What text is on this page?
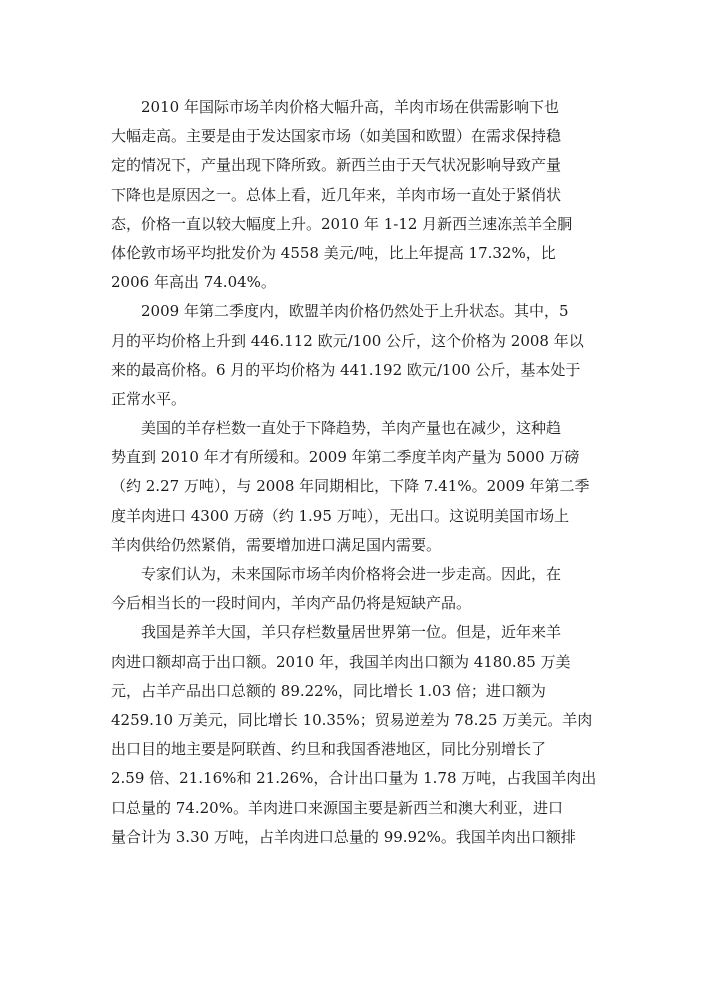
2010 年国际市场羊肉价格大幅升高，羊肉市场在供需影响下也
大幅走高。主要是由于发达国家市场（如美国和欧盟）在需求保持稳
定的情况下，产量出现下降所致。新西兰由于天气状况影响导致产量
下降也是原因之一。总体上看，近几年来，羊肉市场一直处于紧俏状
态，价格一直以较大幅度上升。2010 年 1-12 月新西兰速冻羔羊全胴
体伦敦市场平均批发价为 4558 美元/吨，比上年提高 17.32%，比
2006 年高出 74.04%。
2009 年第二季度内，欧盟羊肉价格仍然处于上升状态。其中，5
月的平均价格上升到 446.112 欧元/100 公斤，这个价格为 2008 年以
来的最高价格。6 月的平均价格为 441.192 欧元/100 公斤，基本处于
正常水平。
美国的羊存栏数一直处于下降趋势，羊肉产量也在减少，这种趋
势直到 2010 年才有所缓和。2009 年第二季度羊肉产量为 5000 万磅
（约 2.27 万吨），与 2008 年同期相比，下降 7.41%。2009 年第二季
度羊肉进口 4300 万磅（约 1.95 万吨），无出口。这说明美国市场上
羊肉供给仍然紧俏，需要增加进口满足国内需要。
专家们认为，未来国际市场羊肉价格将会进一步走高。因此，在
今后相当长的一段时间内，羊肉产品仍将是短缺产品。
我国是养羊大国，羊只存栏数量居世界第一位。但是，近年来羊
肉进口额却高于出口额。2010 年，我国羊肉出口额为 4180.85 万美
元，占羊产品出口总额的 89.22%，同比增长 1.03 倍；进口额为
4259.10 万美元，同比增长 10.35%；贸易逆差为 78.25 万美元。羊肉
出口目的地主要是阿联酋、约旦和我国香港地区，同比分别增长了
2.59 倍、21.16%和 21.26%，合计出口量为 1.78 万吨，占我国羊肉出
口总量的 74.20%。羊肉进口来源国主要是新西兰和澳大利亚，进口
量合计为 3.30 万吨，占羊肉进口总量的 99.92%。我国羊肉出口额排
